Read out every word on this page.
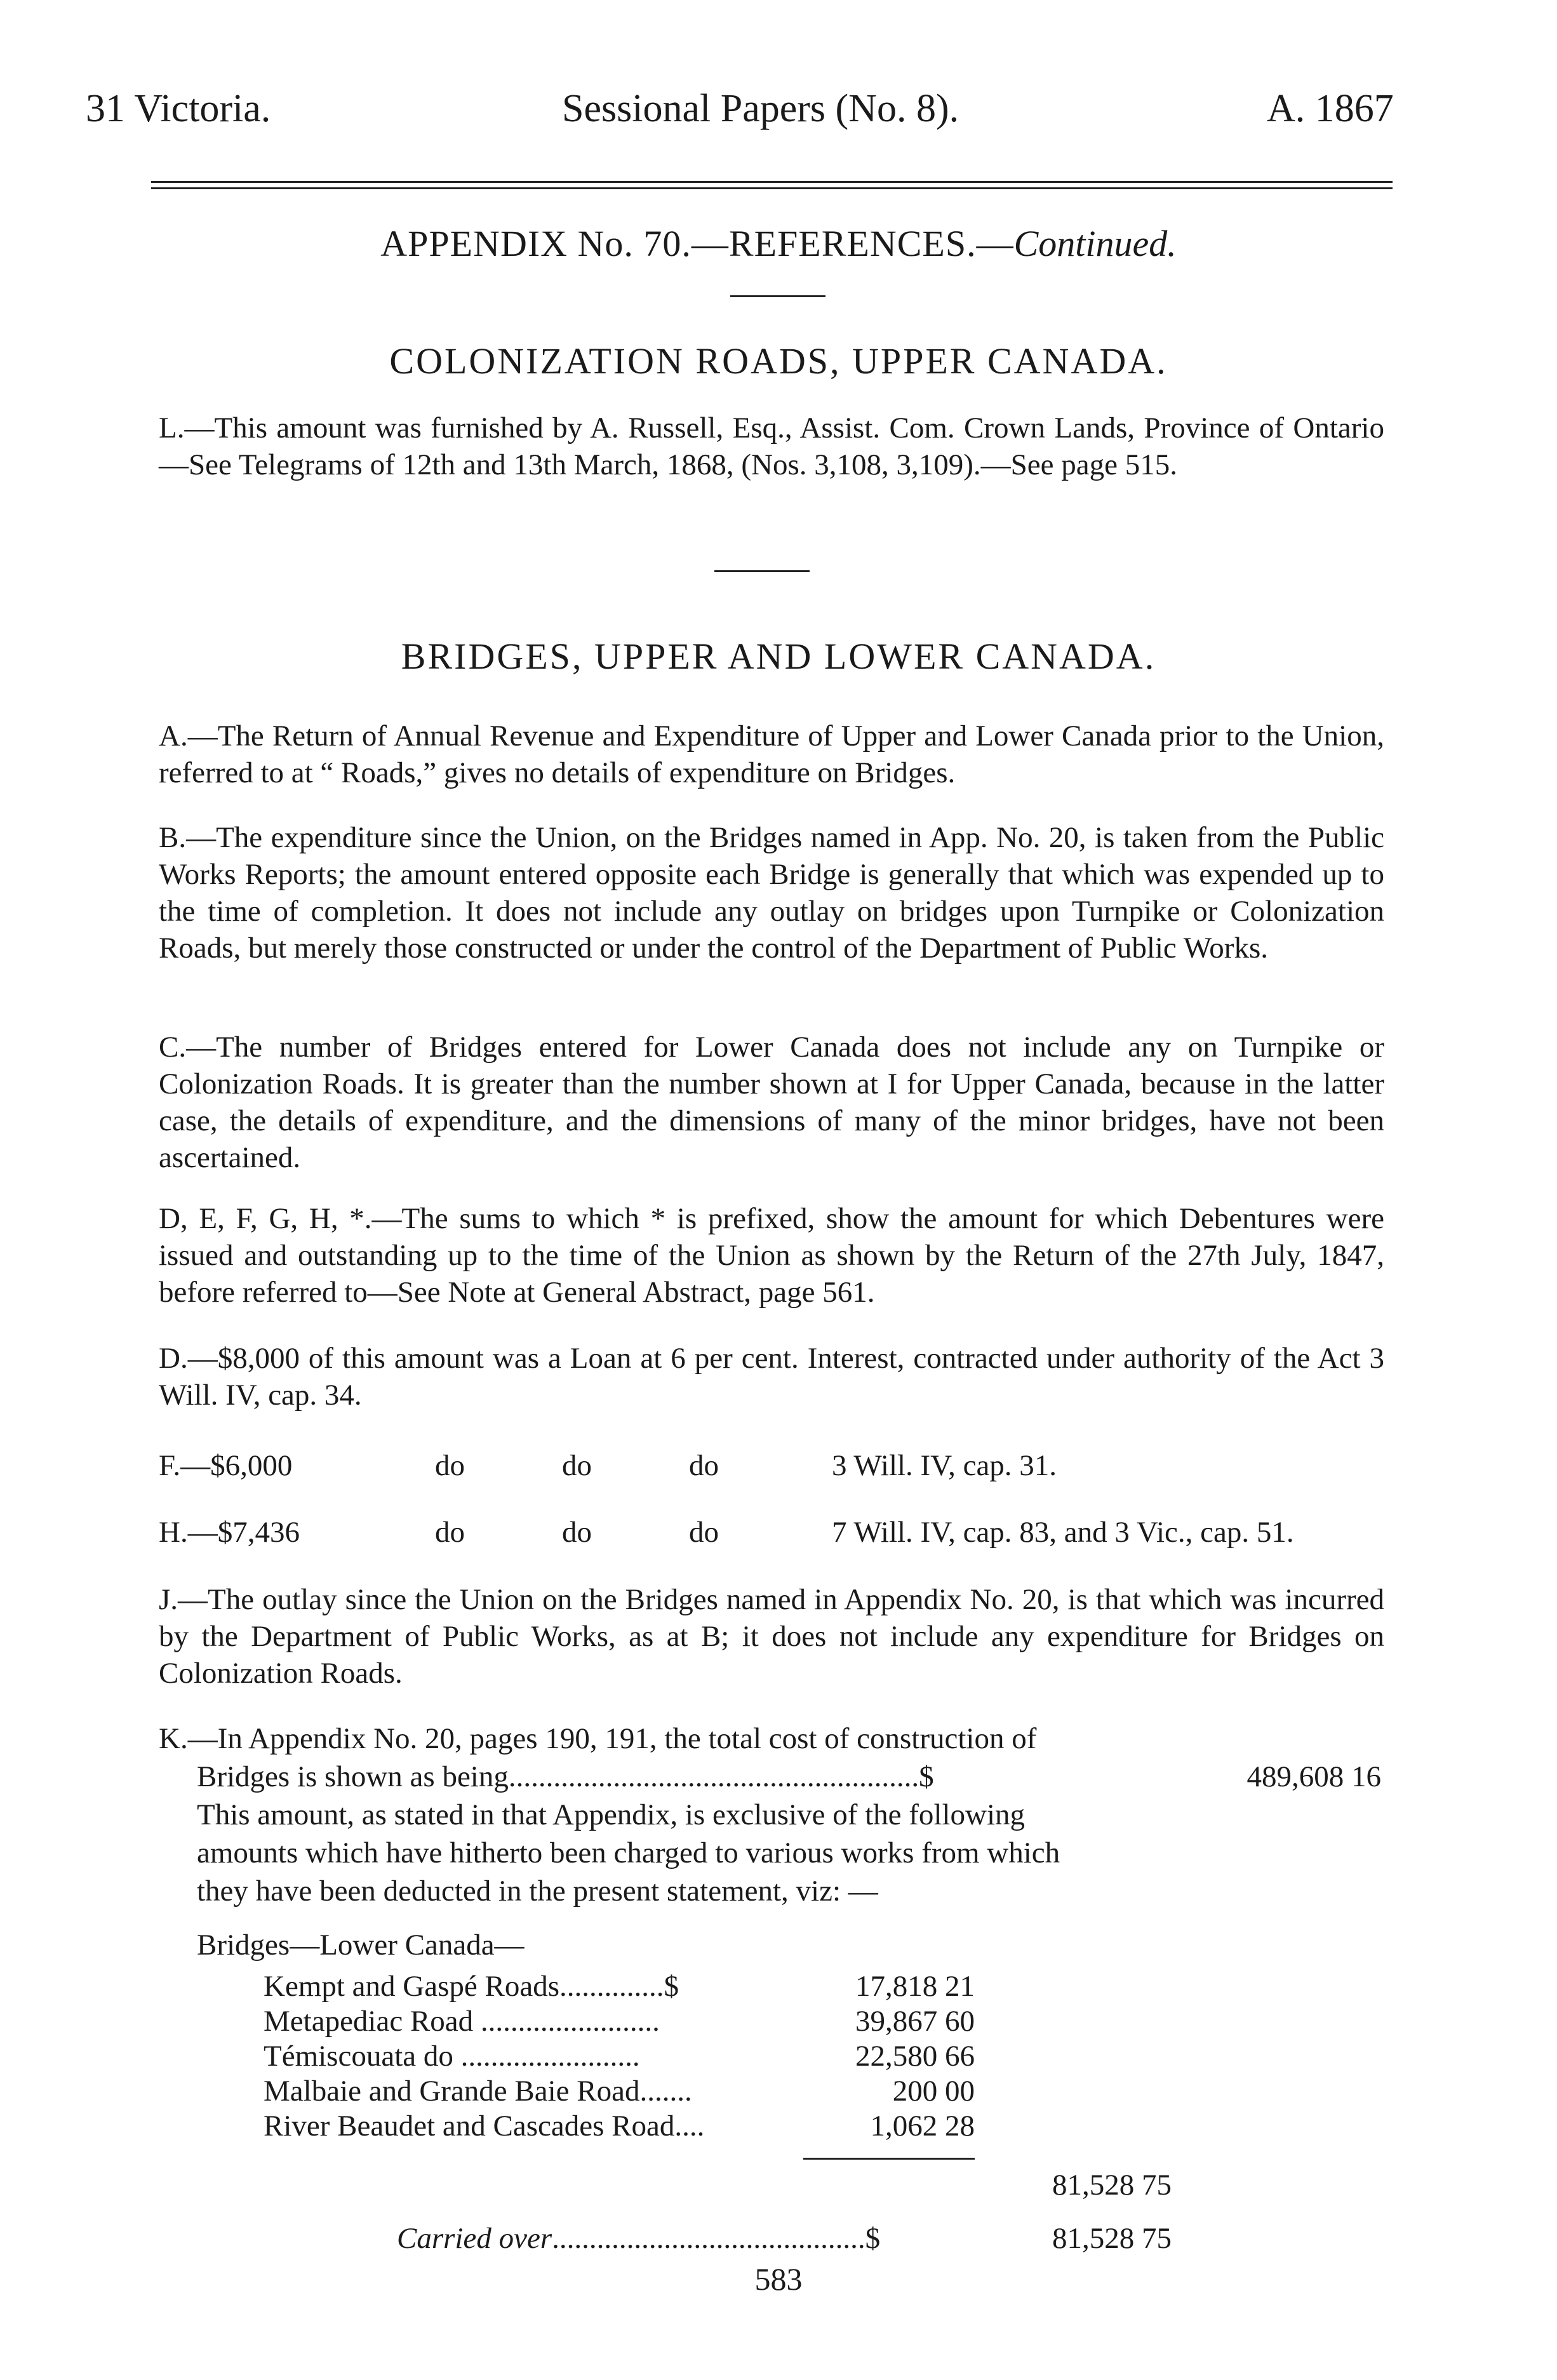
31 Victoria.	Sessional Papers (No. 8).	A. 1867
APPENDIX No. 70.—REFERENCES.—Continued.
COLONIZATION ROADS, UPPER CANADA.
L.—This amount was furnished by A. Russell, Esq., Assist. Com. Crown Lands, Province of Ontario—See Telegrams of 12th and 13th March, 1868, (Nos. 3,108, 3,109).—See page 515.
BRIDGES, UPPER AND LOWER CANADA.
A.—The Return of Annual Revenue and Expenditure of Upper and Lower Canada prior to the Union, referred to at “ Roads,” gives no details of expenditure on Bridges.
B.—The expenditure since the Union, on the Bridges named in App. No. 20, is taken from the Public Works Reports; the amount entered opposite each Bridge is generally that which was expended up to the time of completion. It does not include any outlay on bridges upon Turnpike or Colonization Roads, but merely those constructed or under the control of the Department of Public Works.
C.—The number of Bridges entered for Lower Canada does not include any on Turnpike or Colonization Roads. It is greater than the number shown at I for Upper Canada, because in the latter case, the details of expenditure, and the dimensions of many of the minor bridges, have not been ascertained.
D, E, F, G, H, *.—The sums to which * is prefixed, show the amount for which Debentures were issued and outstanding up to the time of the Union as shown by the Return of the 27th July, 1847, before referred to—See Note at General Abstract, page 561.
D.—$8,000 of this amount was a Loan at 6 per cent. Interest, contracted under authority of the Act 3 Will. IV, cap. 34.
F.—$6,000	do	do	do	3 Will. IV, cap. 31.
H.—$7,436	do	do	do	7 Will. IV, cap. 83, and 3 Vic., cap. 51.
J.—The outlay since the Union on the Bridges named in Appendix No. 20, is that which was incurred by the Department of Public Works, as at B; it does not include any expenditure for Bridges on Colonization Roads.
K.—In Appendix No. 20, pages 190, 191, the total cost of construction of
Bridges is shown as being.......................................................$	489,608 16
This amount, as stated in that Appendix, is exclusive of the following
amounts which have hitherto been charged to various works from which
they have been deducted in the present statement, viz: —
Bridges—Lower Canada—
Kempt and Gaspé Roads..............$	17,818 21
Metapediac Road ........................	39,867 60
Témiscouata do ........................	22,580 66
Malbaie and Grande Baie Road.......	200 00
River Beaudet and Cascades Road....	1,062 28
81,528 75
Carried over..........................................$	81,528 75
583
